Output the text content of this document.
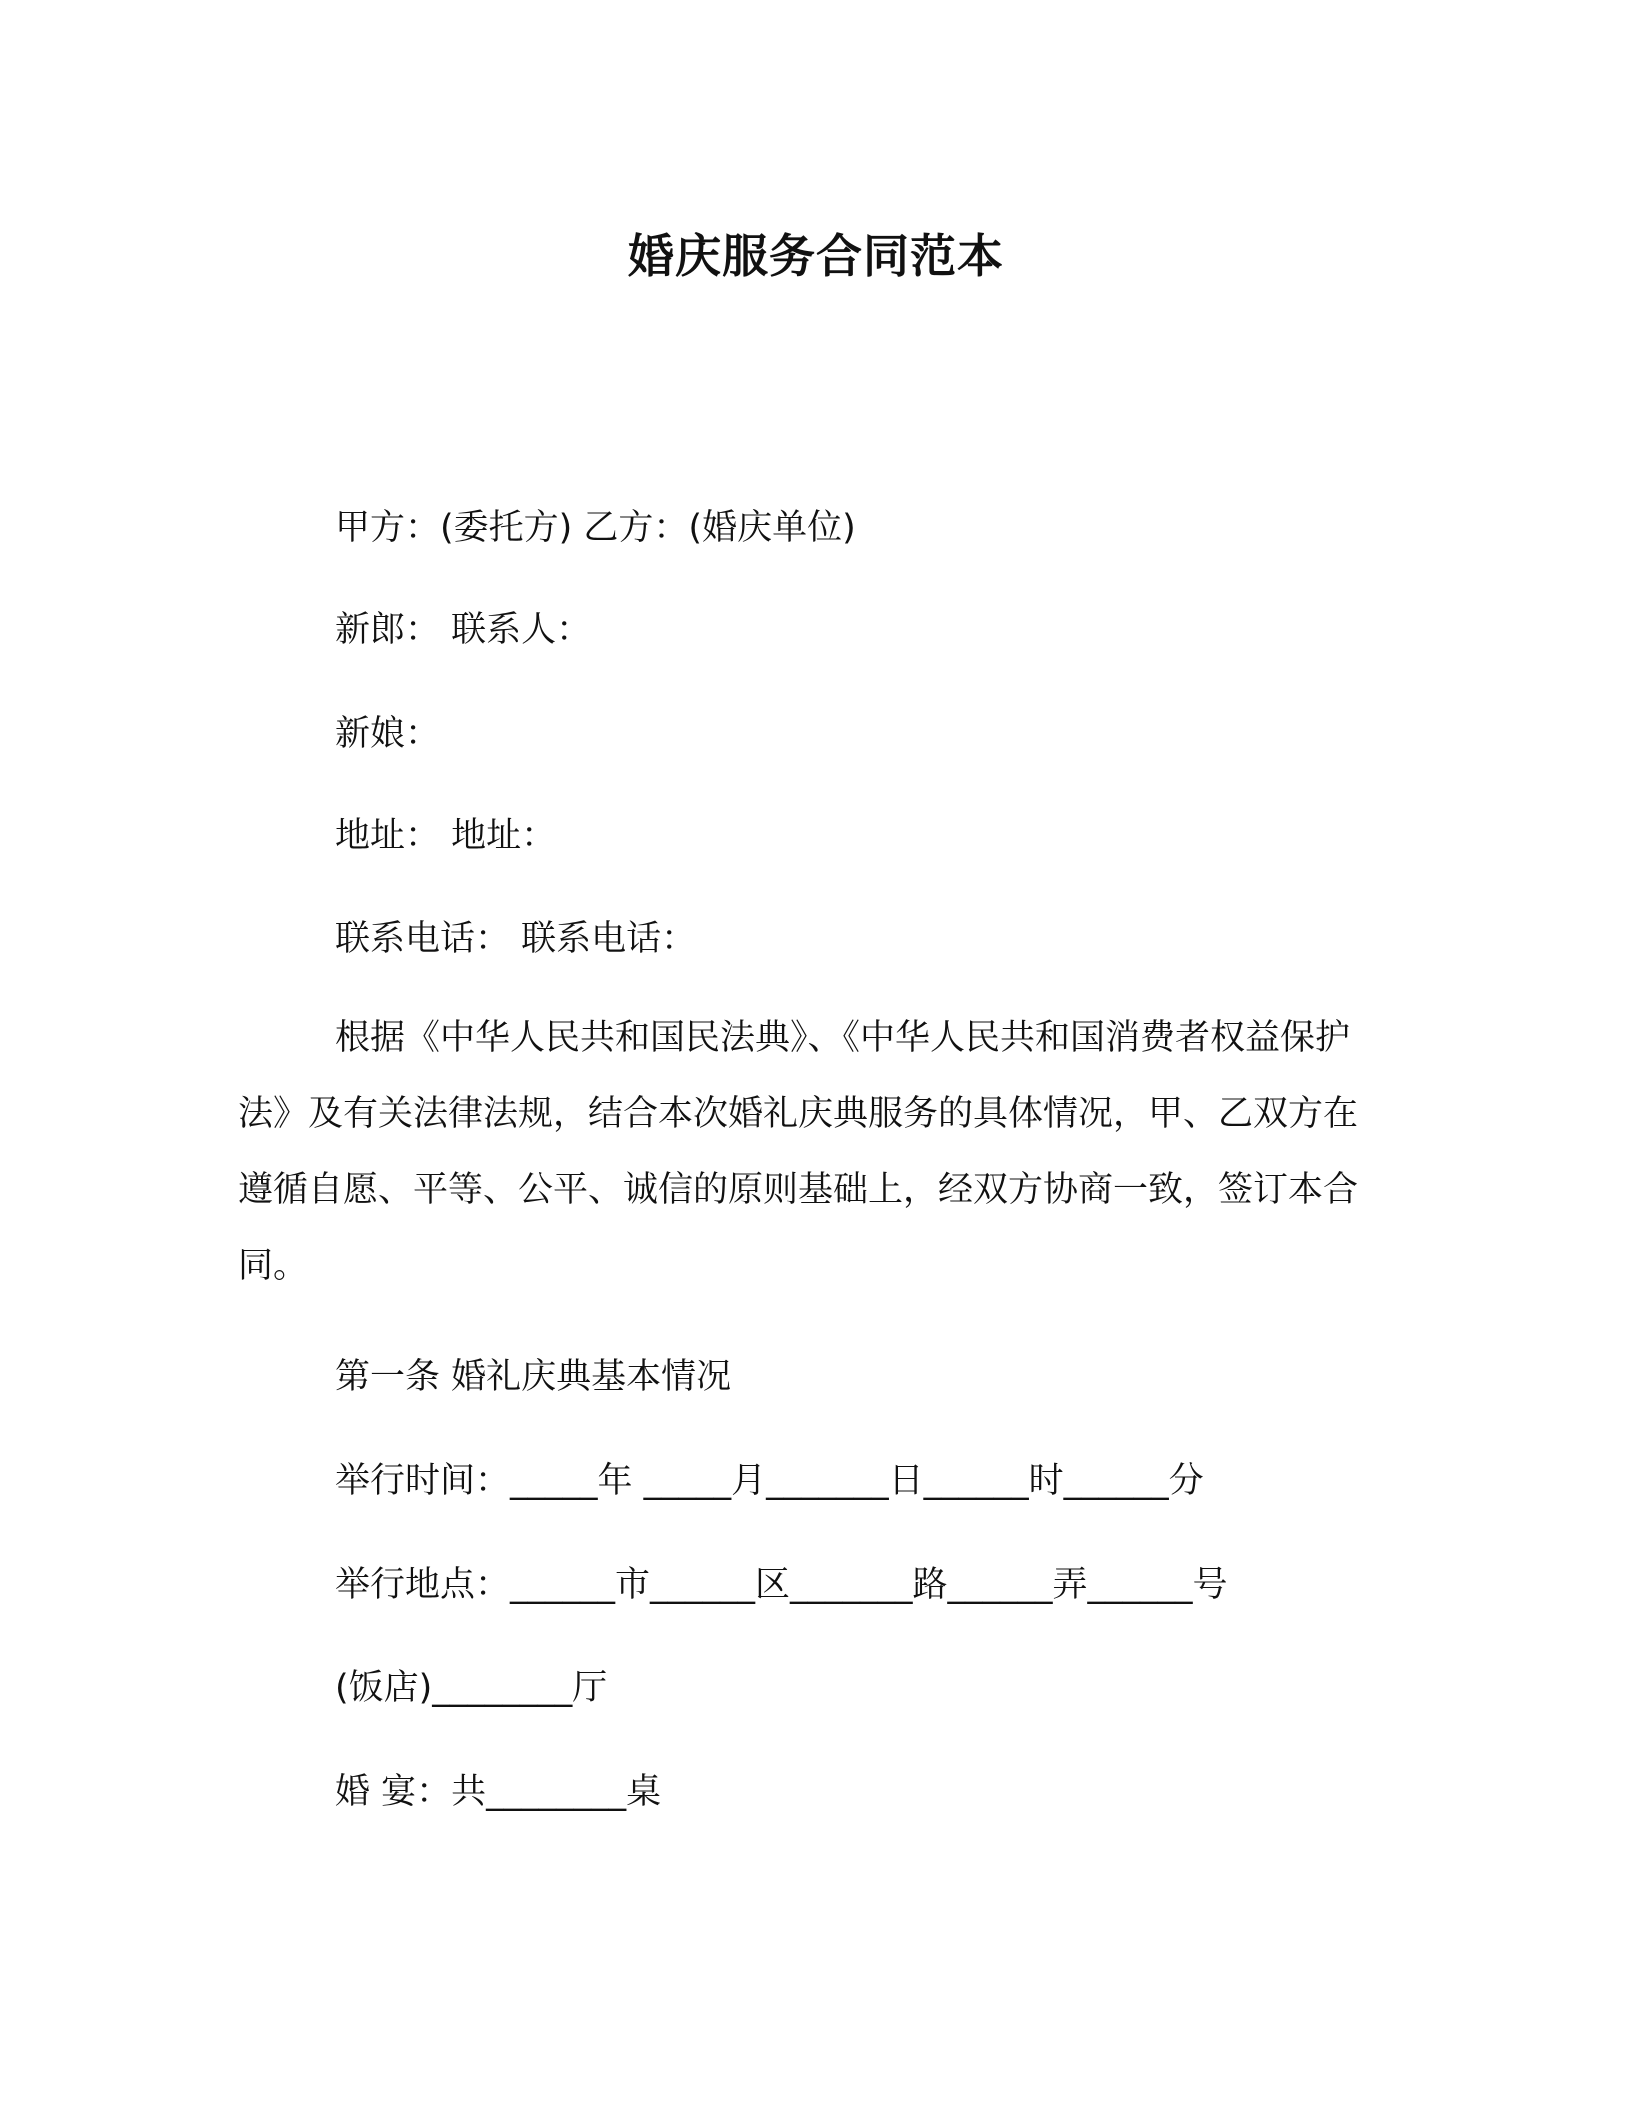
婚庆服务合同范本
甲方：(委托方) 乙方：(婚庆单位)
新郎： 联系人：
新娘：
地址： 地址：
联系电话： 联系电话：
根据《中华人民共和国民法典》、《中华人民共和国消费者权益保护法》及有关法律法规，结合本次婚礼庆典服务的具体情况，甲、乙双方在遵循自愿、平等、公平、诚信的原则基础上，经双方协商一致，签订本合同。
第一条 婚礼庆典基本情况
举行时间：_____年 _____月_______日______时______分
举行地点：______市______区_______路______弄______号
(饭店)________厅
婚 宴：共________桌
